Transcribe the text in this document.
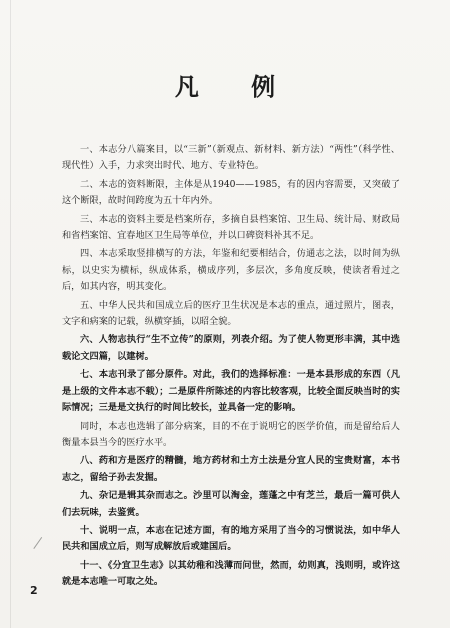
凡 例

一、本志分八篇案目，以“三新”（新观点、新材料、新方法）“两性”（科学性、现代性）入手，力求突出时代、地方、专业特色。

二、本志的资料断限，主体是从1940——1985，有的因内容需要，又突破了这个断限，故时间跨度为五十年内外。

三、本志的资料主要是档案所存，多摘自县档案馆、卫生局、统计局、财政局和省档案馆、宜春地区卫生局等单位，并以口碑资料补其不足。

四、本志采取竖排横写的方法，年鉴和纪要相结合，仿通志之法，以时间为纵标，以史实为横标，纵成体系，横成序列，多层次，多角度反映，使读者看过之后，如其内容，明其变化。

五、中华人民共和国成立后的医疗卫生状况是本志的重点，通过照片，图表，文字和病案的记载，纵横穿插，以昭全貌。

六、人物志执行“生不立传”的原则，列表介绍。为了使人物更形丰满，其中选载论文四篇，以建树。

七、本志刊录了部分原件。对此，我们的选择标准：一是本县形成的东西（凡是上级的文件本志不载）；二是原件所陈述的内容比较客观，比较全面反映当时的实际情况；三是是文执行的时间比较长，並具备一定的影响。

同时，本志也选辑了部分病案，目的不在于说明它的医学价值，而是留给后人衡量本县当今的医疗水平。

八、药和方是医疗的精髓，地方药材和土方土法是分宜人民的宝贵财富，本书志之，留给子孙去发掘。

九、杂记是辑其杂而志之。沙里可以淘金，莲蓬之中有芝兰，最后一篇可供人们去玩味，去鉴赏。

十、说明一点，本志在记述方面，有的地方采用了当今的习惯说法，如中华人民共和国成立后，则写成解放后或建国后。

十一、《分宜卫生志》以其幼稚和浅薄而问世，然而，幼则真，浅则明，或许这就是本志唯一可取之处。

2
